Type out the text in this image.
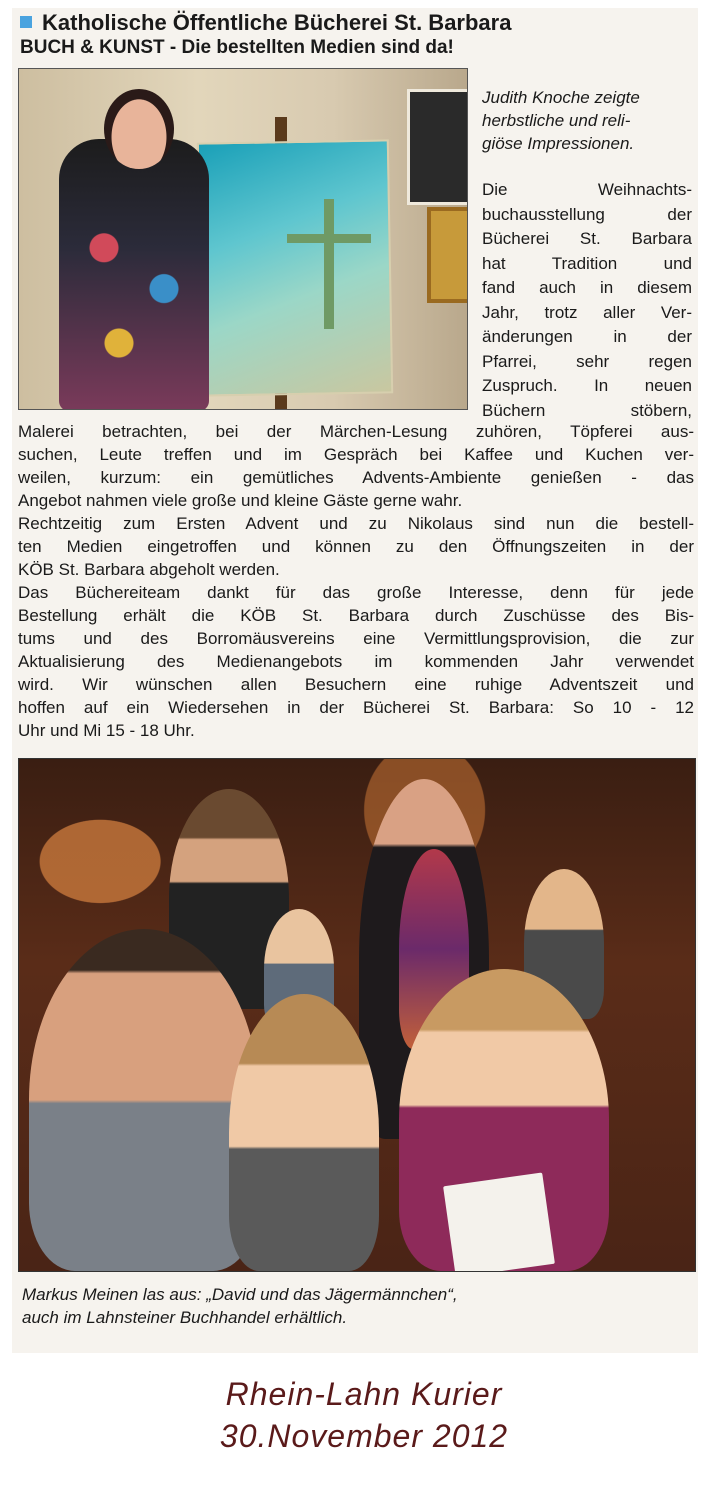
Katholische Öffentliche Bücherei St. Barbara
BUCH & KUNST - Die bestellten Medien sind da!
Judith Knoche zeigte
herbstliche und reli-
giöse Impressionen.
Die Weihnachts-
buchausstellung der
Bücherei St. Barbara
hat Tradition und
fand auch in diesem
Jahr, trotz aller Ver-
änderungen in der
Pfarrei, sehr regen
Zuspruch. In neuen
Büchern stöbern,
Malerei betrachten, bei der Märchen-Lesung zuhören, Töpferei aus-
suchen, Leute treffen und im Gespräch bei Kaffee und Kuchen ver-
weilen, kurzum: ein gemütliches Advents-Ambiente genießen - das
Angebot nahmen viele große und kleine Gäste gerne wahr.
Rechtzeitig zum Ersten Advent und zu Nikolaus sind nun die bestell-
ten Medien eingetroffen und können zu den Öffnungszeiten in der
KÖB St. Barbara abgeholt werden.
Das Büchereiteam dankt für das große Interesse, denn für jede
Bestellung erhält die KÖB St. Barbara durch Zuschüsse des Bis-
tums und des Borromäusvereins eine Vermittlungsprovision, die zur
Aktualisierung des Medienangebots im kommenden Jahr verwendet
wird. Wir wünschen allen Besuchern eine ruhige Adventszeit und
hoffen auf ein Wiedersehen in der Bücherei St. Barbara: So 10 - 12
Uhr und Mi 15 - 18 Uhr.
Markus Meinen las aus: „David und das Jägermännchen“,
auch im Lahnsteiner Buchhandel erhältlich.
Rhein-Lahn Kurier
30.November 2012
